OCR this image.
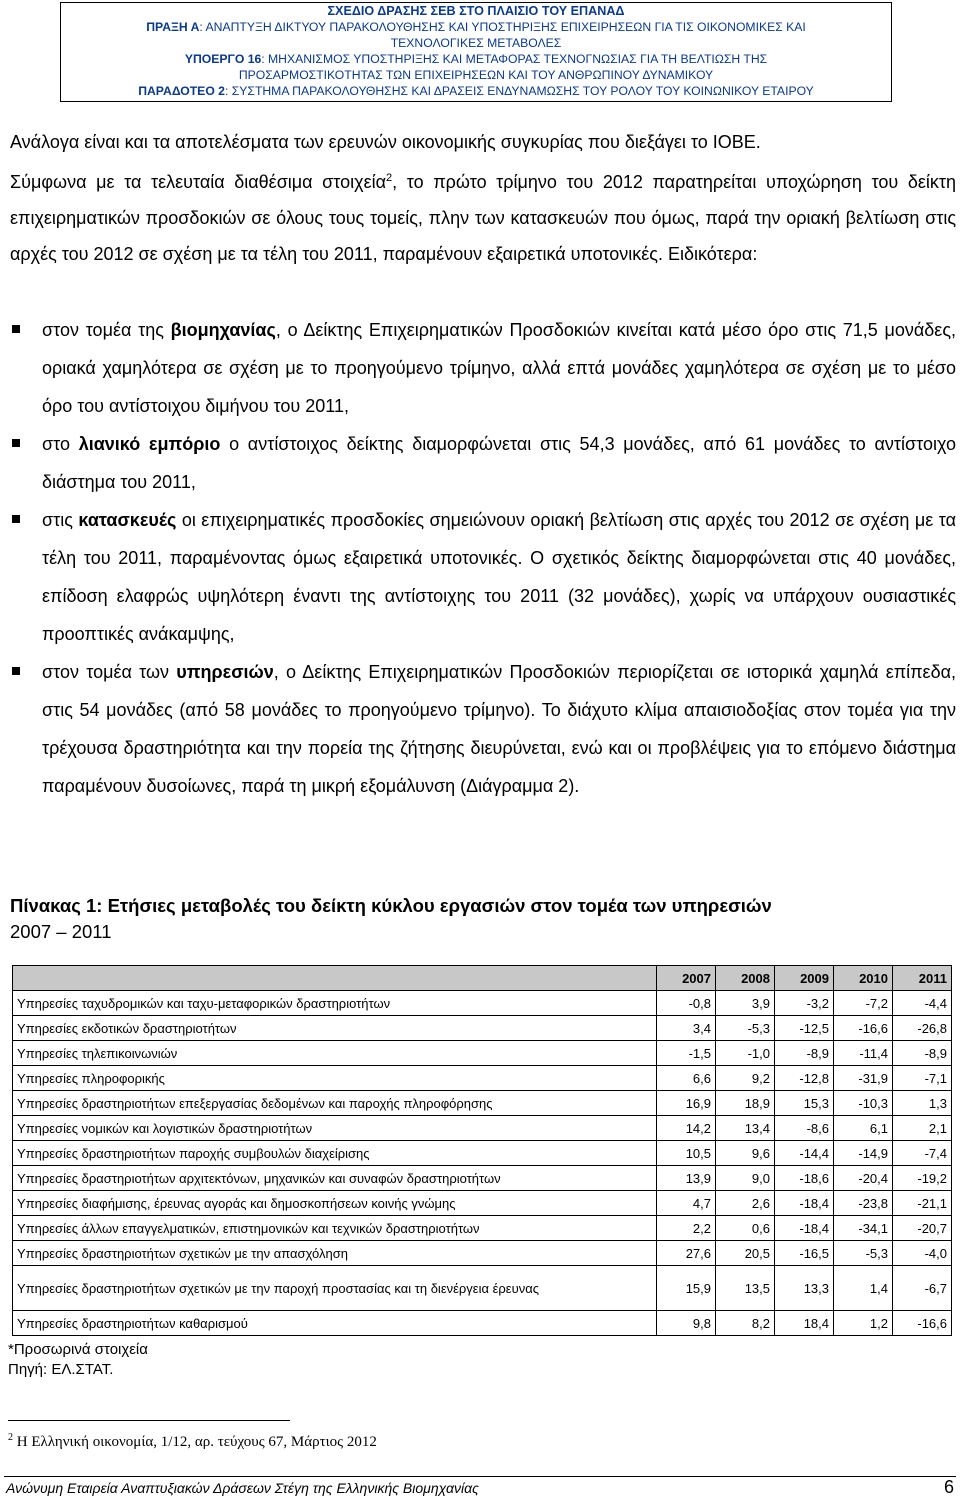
ΣΧΕΔΙΟ ΔΡΑΣΗΣ ΣΕΒ ΣΤΟ ΠΛΑΙΣΙΟ ΤΟΥ ΕΠΑΝΑΔ
ΠΡΑΞΗ Α: ΑΝΑΠΤΥΞΗ ΔΙΚΤΥΟΥ ΠΑΡΑΚΟΛΟΥΘΗΣΗΣ ΚΑΙ ΥΠΟΣΤΗΡΙΞΗΣ ΕΠΙΧΕΙΡΗΣΕΩΝ ΓΙΑ ΤΙΣ ΟΙΚΟΝΟΜΙΚΕΣ ΚΑΙ
ΤΕΧΝΟΛΟΓΙΚΕΣ ΜΕΤΑΒΟΛΕΣ
ΥΠΟΕΡΓΟ 16: ΜΗΧΑΝΙΣΜΟΣ ΥΠΟΣΤΗΡΙΞΗΣ ΚΑΙ ΜΕΤΑΦΟΡΑΣ ΤΕΧΝΟΓΝΩΣΙΑΣ ΓΙΑ ΤΗ ΒΕΛΤΙΩΣΗ ΤΗΣ
ΠΡΟΣΑΡΜΟΣΤΙΚΟΤΗΤΑΣ ΤΩΝ ΕΠΙΧΕΙΡΗΣΕΩΝ ΚΑΙ ΤΟΥ ΑΝΘΡΩΠΙΝΟΥ ΔΥΝΑΜΙΚΟΥ
ΠΑΡΑΔΟΤΕΟ 2: ΣΥΣΤΗΜΑ ΠΑΡΑΚΟΛΟΥΘΗΣΗΣ ΚΑΙ ΔΡΑΣΕΙΣ ΕΝΔΥΝΑΜΩΣΗΣ ΤΟΥ ΡΟΛΟΥ ΤΟΥ ΚΟΙΝΩΝΙΚΟΥ ΕΤΑΙΡΟΥ

Ανάλογα είναι και τα αποτελέσματα των ερευνών οικονομικής συγκυρίας που διεξάγει το ΙΟΒΕ.

Σύμφωνα με τα τελευταία διαθέσιμα στοιχεία$^2$, το πρώτο τρίμηνο του 2012 παρατηρείται υποχώρηση του δείκτη επιχειρηματικών προσδοκιών σε όλους τους τομείς, πλην των κατασκευών που όμως, παρά την οριακή βελτίωση στις αρχές του 2012 σε σχέση με τα τέλη του 2011, παραμένουν εξαιρετικά υποτονικές. Ειδικότερα:

στον τομέα της βιομηχανίας, ο Δείκτης Επιχειρηματικών Προσδοκιών κινείται κατά μέσο όρο στις 71,5 μονάδες, οριακά χαμηλότερα σε σχέση με το προηγούμενο τρίμηνο, αλλά επτά μονάδες χαμηλότερα σε σχέση με το μέσο όρο του αντίστοιχου διμήνου του 2011,

στο λιανικό εμπόριο ο αντίστοιχος δείκτης διαμορφώνεται στις 54,3 μονάδες, από 61 μονάδες το αντίστοιχο διάστημα του 2011,

στις κατασκευές οι επιχειρηματικές προσδοκίες σημειώνουν οριακή βελτίωση στις αρχές του 2012 σε σχέση με τα τέλη του 2011, παραμένοντας όμως εξαιρετικά υποτονικές. Ο σχετικός δείκτης διαμορφώνεται στις 40 μονάδες, επίδοση ελαφρώς υψηλότερη έναντι της αντίστοιχης του 2011 (32 μονάδες), χωρίς να υπάρχουν ουσιαστικές προοπτικές ανάκαμψης,

στον τομέα των υπηρεσιών, ο Δείκτης Επιχειρηματικών Προσδοκιών περιορίζεται σε ιστορικά χαμηλά επίπεδα, στις 54 μονάδες (από 58 μονάδες το προηγούμενο τρίμηνο). Το διάχυτο κλίμα απαισιοδοξίας στον τομέα για την τρέχουσα δραστηριότητα και την πορεία της ζήτησης διευρύνεται, ενώ και οι προβλέψεις για το επόμενο διάστημα παραμένουν δυσοίωνες, παρά τη μικρή εξομάλυνση (Διάγραμμα 2).

Πίνακας 1: Ετήσιες μεταβολές του δείκτη κύκλου εργασιών στον τομέα των υπηρεσιών
2007 – 2011
	2007	2008	2009	2010	2011
Υπηρεσίες ταχυδρομικών και ταχυ-μεταφορικών δραστηριοτήτων	-0,8	3,9	-3,2	-7,2	-4,4
Υπηρεσίες εκδοτικών δραστηριοτήτων	3,4	-5,3	-12,5	-16,6	-26,8
Υπηρεσίες τηλεπικοινωνιών	-1,5	-1,0	-8,9	-11,4	-8,9
Υπηρεσίες πληροφορικής	6,6	9,2	-12,8	-31,9	-7,1
Υπηρεσίες δραστηριοτήτων επεξεργασίας δεδομένων και παροχής πληροφόρησης	16,9	18,9	15,3	-10,3	1,3
Υπηρεσίες νομικών και λογιστικών δραστηριοτήτων	14,2	13,4	-8,6	6,1	2,1
Υπηρεσίες δραστηριοτήτων παροχής συμβουλών διαχείρισης	10,5	9,6	-14,4	-14,9	-7,4
Υπηρεσίες δραστηριοτήτων αρχιτεκτόνων, μηχανικών και συναφών δραστηριοτήτων	13,9	9,0	-18,6	-20,4	-19,2
Υπηρεσίες διαφήμισης, έρευνας αγοράς και δημοσκοπήσεων κοινής γνώμης	4,7	2,6	-18,4	-23,8	-21,1
Υπηρεσίες άλλων επαγγελματικών, επιστημονικών και τεχνικών δραστηριοτήτων	2,2	0,6	-18,4	-34,1	-20,7
Υπηρεσίες δραστηριοτήτων σχετικών με την απασχόληση	27,6	20,5	-16,5	-5,3	-4,0
Υπηρεσίες δραστηριοτήτων σχετικών με την παροχή προστασίας και τη διενέργεια έρευνας	15,9	13,5	13,3	1,4	-6,7
Υπηρεσίες δραστηριοτήτων καθαρισμού	9,8	8,2	18,4	1,2	-16,6
*Προσωρινά στοιχεία
Πηγή: ΕΛ.ΣΤΑΤ.
$^2$ Η Ελληνική οικονομία, 1/12, αρ. τεύχους 67, Μάρτιος 2012
Ανώνυμη Εταιρεία Αναπτυξιακών Δράσεων Στέγη της Ελληνικής Βιομηχανίας	6
